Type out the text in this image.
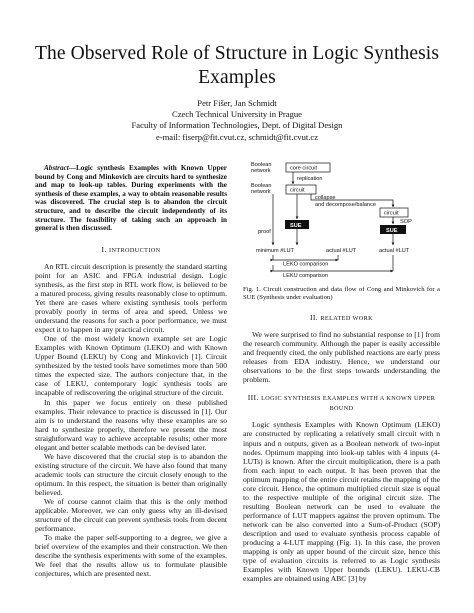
The Observed Role of Structure in Logic Synthesis
Examples
Petr Fišer, Jan Schmidt
Czech Technical University in Prague
Faculty of Information Technologies, Dept. of Digital Design
e-mail: fiserp@fit.cvut.cz, schmidt@fit.cvut.cz

Abstract—Logic synthesis Examples with Known Upper bound by Cong and Minkovich are circuits hard to synthesize and map to look-up tables. During experiments with the synthesis of these examples, a way to obtain reasonable results was discovered. The crucial step is to abandon the circuit structure, and to describe the circuit independently of its structure. The feasibility of taking such an approach in general is then discussed.

I. INTRODUCTION

An RTL circuit description is presently the standard starting point for an ASIC and FPGA industrial design. Logic synthesis, as the first step in RTL work flow, is believed to be a matured process, giving results reasonably close to optimum. Yet there are cases where existing synthesis tools perform provably poorly in terms of area and speed. Unless we understand the reasons for such a poor performance, we must expect it to happen in any practical circuit.

One of the most widely known example set are Logic Examples with Known Optimum (LEKO) and with Known Upper Bound (LEKU) by Cong and Minkovich [1]. Circuit synthesized by the tested tools have sometimes more than 500 times the expected size. The authors conjecture that, in the case of LEKU, contemporary logic synthesis tools are incapable of rediscovering the original structure of the circuit.

In this paper we focus entirely on these published examples. Their relevance to practice is discussed in [1]. Our aim is to understand the reasons why these examples are so hard to synthesize properly, therefore we present the most straightforward way to achieve acceptable results; other more elegant and better scalable methods can be devised later.

We have discovered that the crucial step is to abandon the existing structure of the circuit. We have also found that many academic tools can structure the circuit closely enough to the optimum. In this respect, the situation is better than originally believed.

We of course cannot claim that this is the only method applicable. Moreover, we can only guess why an ill-devised structure of the circuit can prevent synthesis tools from decent performance.

To make the paper self-supporting to a degree, we give a brief overview of the examples and their construction. We then describe the synthesis experiments with some of the examples. We feel that the results allow us to formulate plausible conjectures, which are presented next.

Boolean
network	core circuit
replication
Boolean
network	circuit
collapse
and decompose/balance
SUE
circuit
SOP
SUE
proof
minimum #LUT	actual #LUT	actual #LUT
LEKO comparison
LEKU comparison

Fig. 1. Circuit construction and data flow of Cong and Minkovich for a SUE (Synthesis under evaluation)

II. RELATED WORK

We were surprised to find no substantial response to [1] from the research community. Although the paper is easily accessible and frequently cited, the only published reactions are early press releases from EDA industry. Hence, we understand our observations to be the first steps towards understanding the problem.

III. LOGIC SYNTHESIS EXAMPLES WITH A KNOWN UPPER
BOUND

Logic synthesis Examples with Known Optimum (LEKO) are constructed by replicating a relatively small circuit with n inputs and n outputs, given as a Boolean network of two-input nodes. Optimum mapping into look-up tables with 4 inputs (4-LUTs) is known. After the circuit multiplication, there is a path from each input to each output. It has been proven that the optimum mapping of the entire circuit retains the mapping of the core circuit. Hence, the optimum multiplied circuit size is equal to the respective multiple of the original circuit size. The resulting Boolean network can be used to evaluate the performance of LUT mappers against the proven optimum. The network can be also converted into a Sum-of-Product (SOP) description and used to evaluate synthesis process capable of producing a 4-LUT mapping (Fig. 1). In this case, the proven mapping is only an upper bound of the circuit size, hence this type of evaluation circuits is referred to as Logic synthesis Examples with Known Upper bounds (LEKU). LEKU-CB examples are obtained using ABC [3] by
